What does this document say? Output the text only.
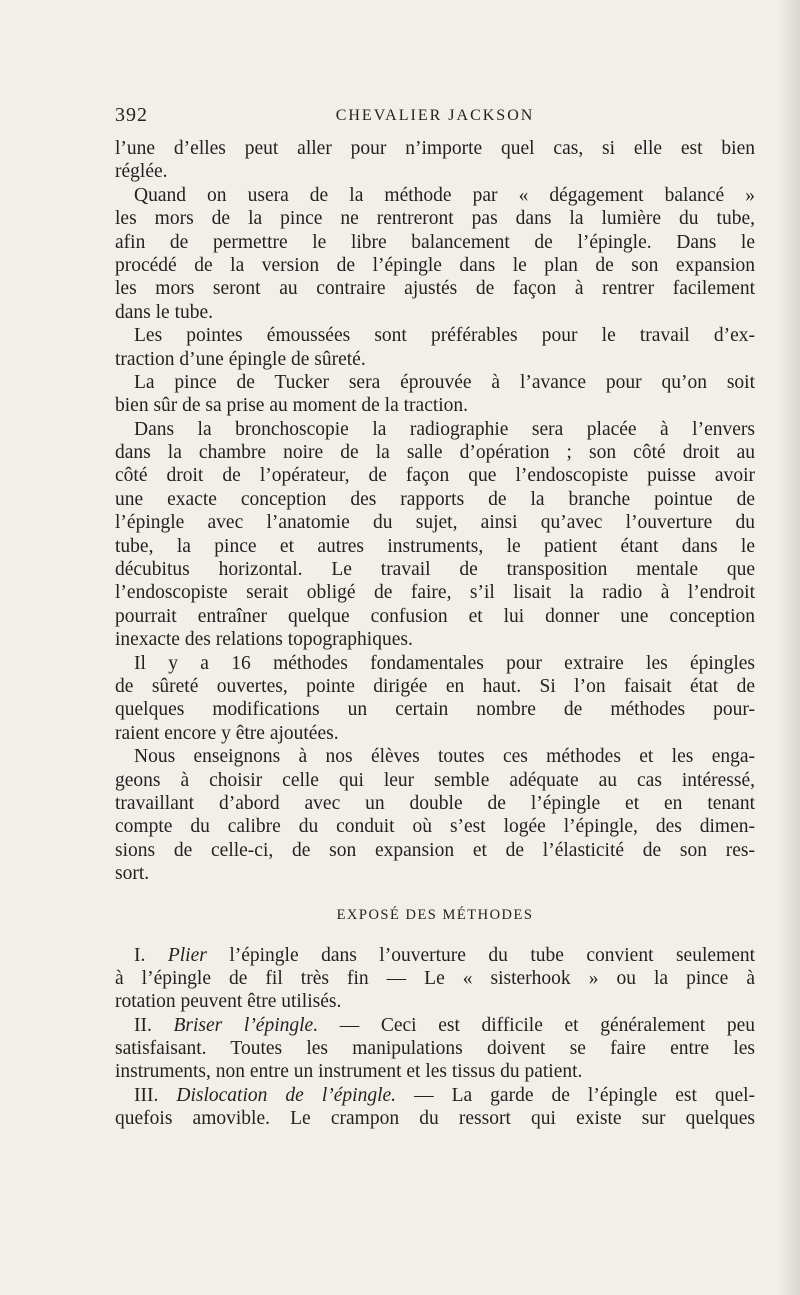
392	CHEVALIER JACKSON
l’une d’elles peut aller pour n’importe quel cas, si elle est bien
réglée.
Quand on usera de la méthode par « dégagement balancé »
les mors de la pince ne rentreront pas dans la lumière du tube,
afin de permettre le libre balancement de l’épingle. Dans le
procédé de la version de l’épingle dans le plan de son expansion
les mors seront au contraire ajustés de façon à rentrer facilement
dans le tube.
Les pointes émoussées sont préférables pour le travail d’ex-
traction d’une épingle de sûreté.
La pince de Tucker sera éprouvée à l’avance pour qu’on soit
bien sûr de sa prise au moment de la traction.
Dans la bronchoscopie la radiographie sera placée à l’envers
dans la chambre noire de la salle d’opération ; son côté droit au
côté droit de l’opérateur, de façon que l’endoscopiste puisse avoir
une exacte conception des rapports de la branche pointue de
l’épingle avec l’anatomie du sujet, ainsi qu’avec l’ouverture du
tube, la pince et autres instruments, le patient étant dans le
décubitus horizontal. Le travail de transposition mentale que
l’endoscopiste serait obligé de faire, s’il lisait la radio à l’endroit
pourrait entraîner quelque confusion et lui donner une conception
inexacte des relations topographiques.
Il y a 16 méthodes fondamentales pour extraire les épingles
de sûreté ouvertes, pointe dirigée en haut. Si l’on faisait état de
quelques modifications un certain nombre de méthodes pour-
raient encore y être ajoutées.
Nous enseignons à nos élèves toutes ces méthodes et les enga-
geons à choisir celle qui leur semble adéquate au cas intéressé,
travaillant d’abord avec un double de l’épingle et en tenant
compte du calibre du conduit où s’est logée l’épingle, des dimen-
sions de celle-ci, de son expansion et de l’élasticité de son res-
sort.
EXPOSÉ DES MÉTHODES
I. Plier l’épingle dans l’ouverture du tube convient seulement
à l’épingle de fil très fin — Le « sisterhook » ou la pince à
rotation peuvent être utilisés.
II. Briser l’épingle. — Ceci est difficile et généralement peu
satisfaisant. Toutes les manipulations doivent se faire entre les
instruments, non entre un instrument et les tissus du patient.
III. Dislocation de l’épingle. — La garde de l’épingle est quel-
quefois amovible. Le crampon du ressort qui existe sur quelques
